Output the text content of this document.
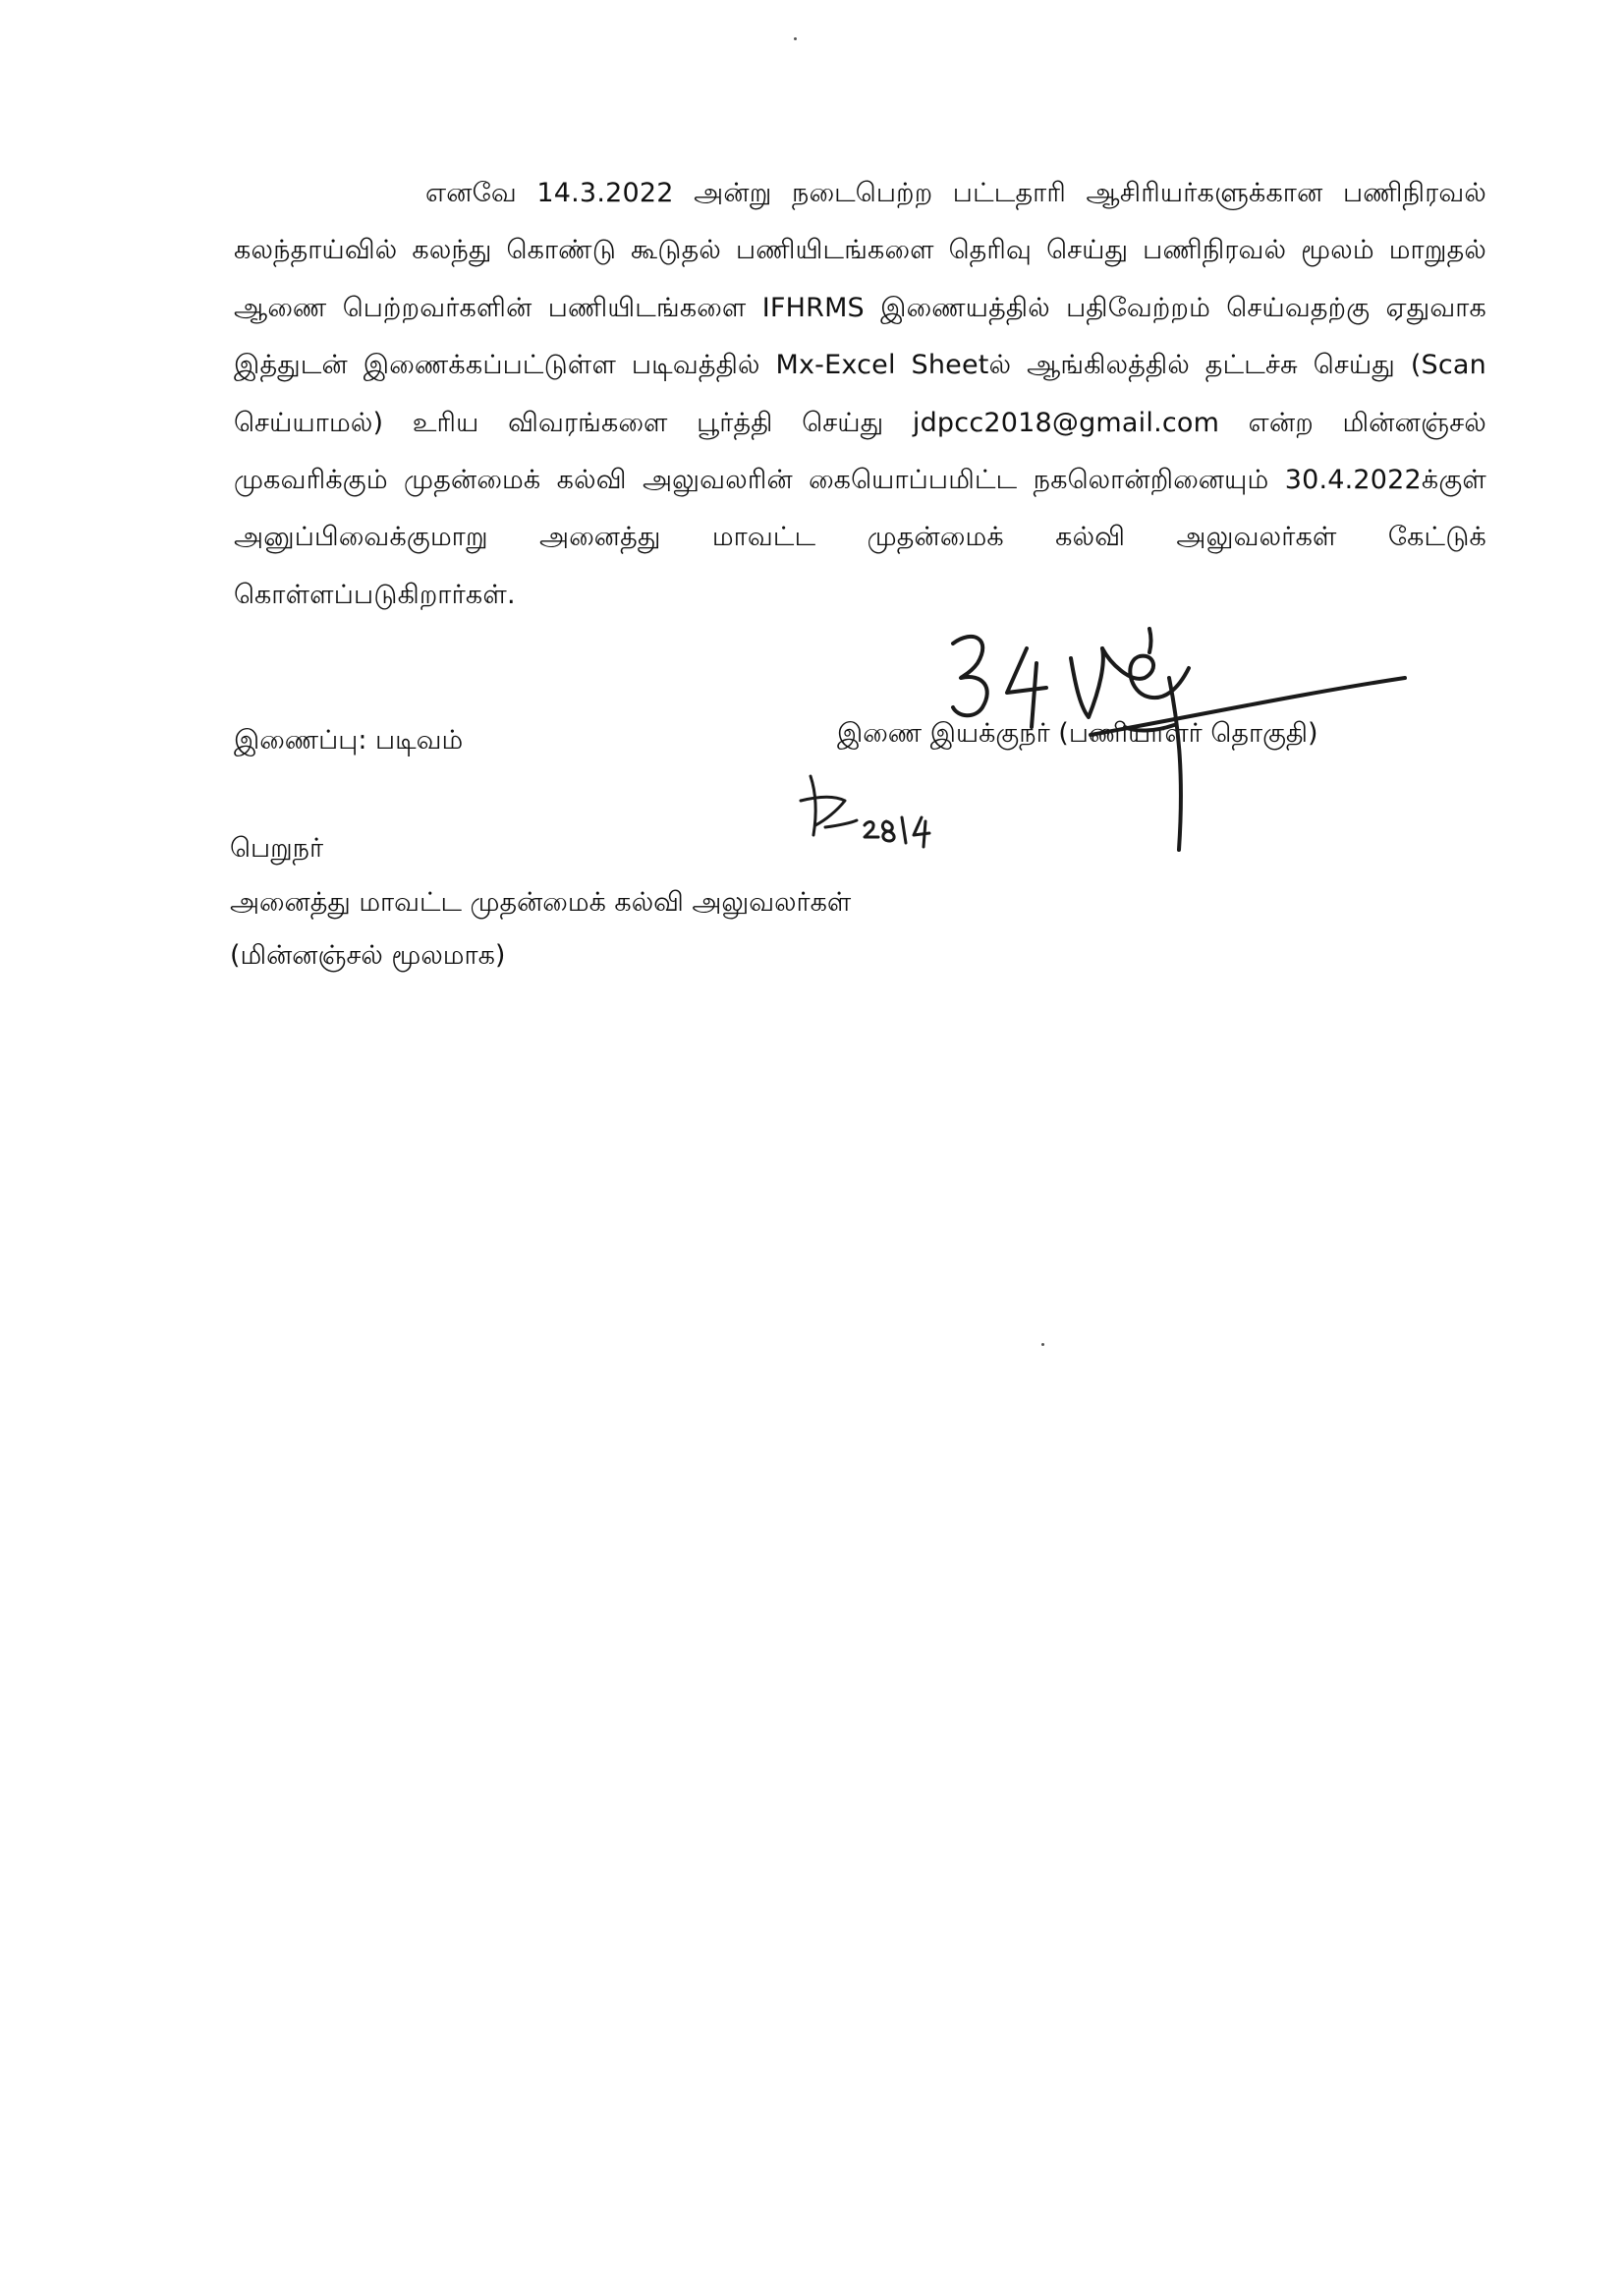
எனவே 14.3.2022 அன்று நடைபெற்ற பட்டதாரி ஆசிரியர்களுக்கான பணிநிரவல் கலந்தாய்வில் கலந்து கொண்டு கூடுதல் பணியிடங்களை தெரிவு செய்து பணிநிரவல் மூலம் மாறுதல் ஆணை பெற்றவர்களின் பணியிடங்களை IFHRMS இணையத்தில் பதிவேற்றம் செய்வதற்கு ஏதுவாக இத்துடன் இணைக்கப்பட்டுள்ள படிவத்தில் Mx-Excel Sheetல் ஆங்கிலத்தில் தட்டச்சு செய்து (Scan செய்யாமல்) உரிய விவரங்களை பூர்த்தி செய்து jdpcc2018@gmail.com என்ற மின்னஞ்சல் முகவரிக்கும் முதன்மைக் கல்வி அலுவலரின் கையொப்பமிட்ட நகலொன்றினையும் 30.4.2022க்குள் அனுப்பிவைக்குமாறு அனைத்து மாவட்ட முதன்மைக் கல்வி அலுவலர்கள் கேட்டுக் கொள்ளப்படுகிறார்கள்.

இணைப்பு: படிவம்	இணை இயக்குநர் (பணியாளர் தொகுதி)

பெறுநர்

அனைத்து மாவட்ட முதன்மைக் கல்வி அலுவலர்கள்

(மின்னஞ்சல் மூலமாக)
